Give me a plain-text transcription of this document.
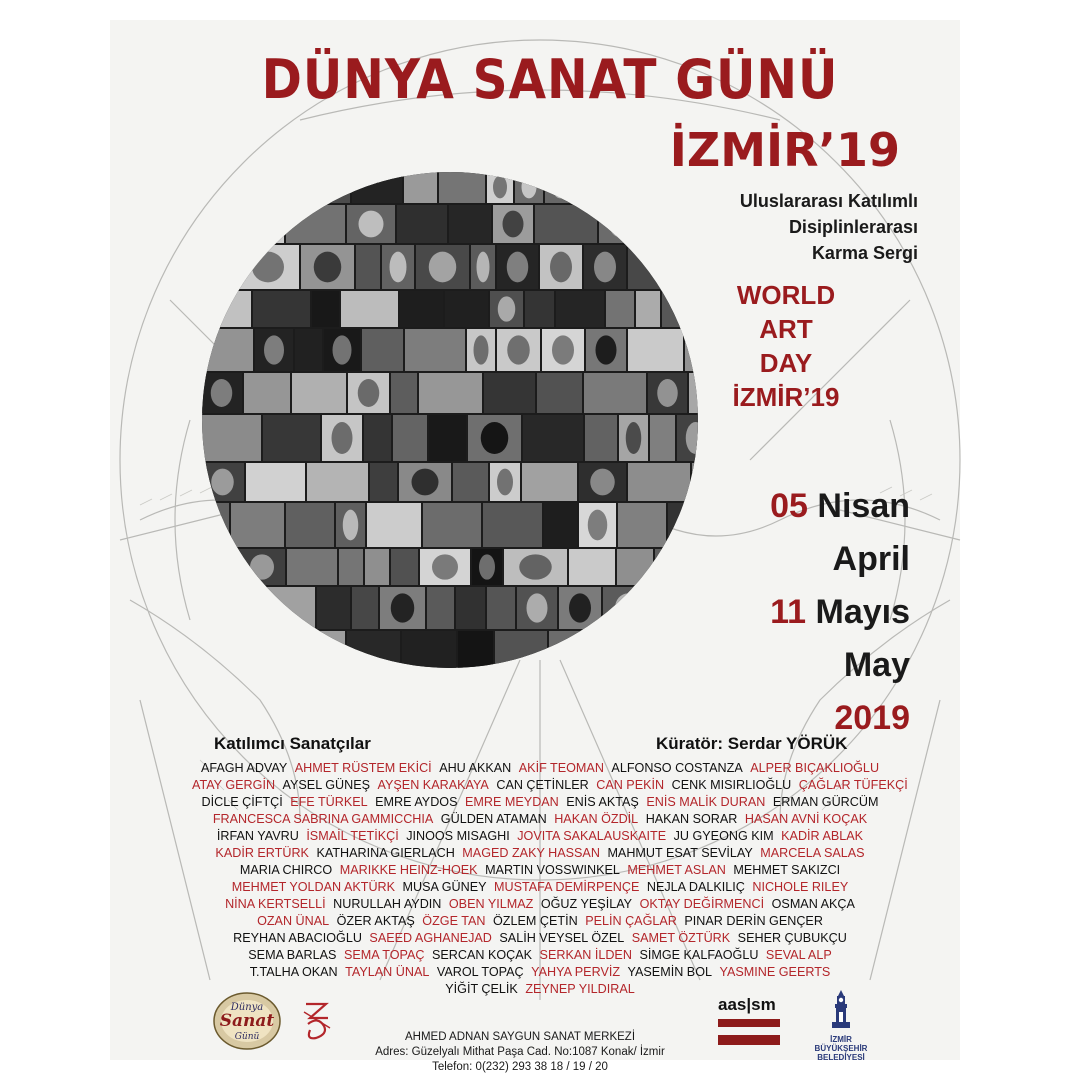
DÜNYA SANAT GÜNÜ
İZMİR’19
Uluslararası Katılımlı
Disiplinlerarası
Karma Sergi
WORLD
ART
DAY
İZMİR’19
05 Nisan
April
11 Mayıs
May
2019
Katılımcı Sanatçılar	Küratör: Serdar YÖRÜK
AFAGH ADVAY AHMET RÜSTEM EKİCİ AHU AKKAN AKİF TEOMAN ALFONSO COSTANZA ALPER BIÇAKLIOĞLU
ATAY GERGİN AYSEL GÜNEŞ AYŞEN KARAKAYA CAN ÇETİNLER CAN PEKİN CENK MISIRLIOĞLU ÇAĞLAR TÜFEKÇİ
DİCLE ÇİFTÇİ EFE TÜRKEL EMRE AYDOS EMRE MEYDAN ENİS AKTAŞ ENİS MALİK DURAN ERMAN GÜRCÜM
FRANCESCA SABRINA GAMMICCHIA GÜLDEN ATAMAN HAKAN ÖZDİL HAKAN SORAR HASAN AVNİ KOÇAK
İRFAN YAVRU İSMAİL TETİKÇİ JINOOS MISAGHI JOVITA SAKALAUSKAITE JU GYEONG KIM KADİR ABLAK
KADİR ERTÜRK KATHARINA GIERLACH MAGED ZAKY HASSAN MAHMUT ESAT SEVİLAY MARCELA SALAS
MARIA CHIRCO MARIKKE HEINZ-HOEK MARTIN VOSSWINKEL MEHMET ASLAN MEHMET SAKIZCI
MEHMET YOLDAN AKTÜRK MUSA GÜNEY MUSTAFA DEMİRPENÇE NEJLA DALKILIÇ NICHOLE RILEY
NİNA KERTSELLİ NURULLAH AYDIN OBEN YILMAZ OĞUZ YEŞİLAY OKTAY DEĞİRMENCİ OSMAN AKÇA
OZAN ÜNAL ÖZER AKTAŞ ÖZGE TAN ÖZLEM ÇETİN PELİN ÇAĞLAR PINAR DERİN GENÇER
REYHAN ABACIOĞLU SAEED AGHANEJAD SALİH VEYSEL ÖZEL SAMET ÖZTÜRK SEHER ÇUBUKÇU
SEMA BARLAS SEMA TOPAÇ SERCAN KOÇAK SERKAN İLDEN SİMGE KALFAOĞLU SEVAL ALP
T.TALHA OKAN TAYLAN ÜNAL VAROL TOPAÇ YAHYA PERVİZ YASEMİN BOL YASMINE GEERTS
YİĞİT ÇELİK ZEYNEP YILDIRAL
Dünya
Sanat
Günü	AHMED ADNAN SAYGUN SANAT MERKEZİ
Adres: Güzelyalı Mithat Paşa Cad. No:1087 Konak/ İzmir
Telefon: 0(232) 293 38 18 / 19 / 20
aas|sm
İZMİR
BÜYÜKŞEHİR
BELEDİYESİ
